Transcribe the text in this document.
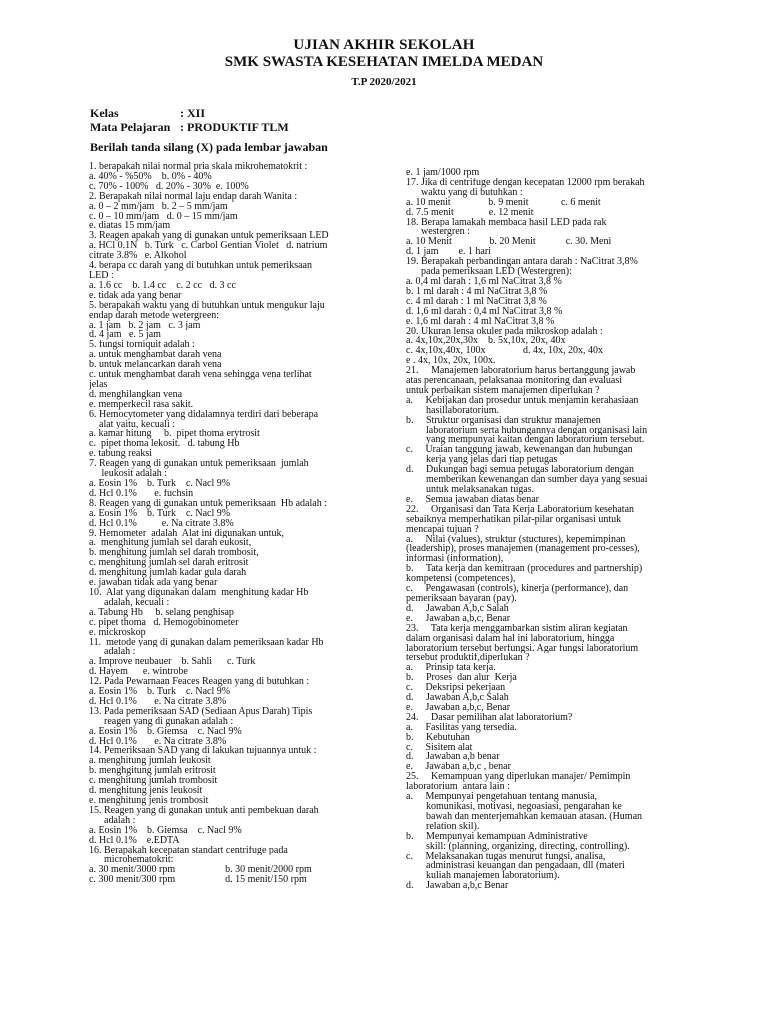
UJIAN AKHIR SEKOLAH
SMK SWASTA KESEHATAN IMELDA MEDAN
T.P 2020/2021
Kelas	: XII
Mata Pelajaran : PRODUKTIF TLM
Berilah tanda silang (X) pada lembar jawaban
1. berapakah nilai normal pria skala mikrohematokrit :
a. 40% - %50%    b. 0% - 40%
c. 70% - 100%   d. 20% - 30%  e. 100%
2. Berapakah nilai normal laju endap darah Wanita :
a. 0 – 2 mm/jam   b. 2 – 5 mm/jam
c. 0 – 10 mm/jam   d. 0 – 15 mm/jam
e. diatas 15 mm/jam
3. Reagen apakah yang di gunakan untuk pemeriksaan LED
a. HCl 0.1N   b. Turk   c. Carbol Gentian Violet   d. natrium
citrate 3.8%   e. Alkohol
4. berapa cc darah yang di butuhkan untuk pemeriksaan
LED :
a. 1.6 cc    b. 1.4 cc    c. 2 cc   d. 3 cc
e. tidak ada yang benar
5. berapakah waktu yang di butuhkan untuk mengukur laju
endap darah metode wetergreen:
a. 1 jam   b. 2 jam   c. 3 jam
d. 4 jam   e. 5 jam
5. fungsi torniquit adalah :
a. untuk menghambat darah vena
b. untuk melancarkan darah vena
c. untuk menghambat darah vena sehingga vena terlihat
jelas
d. menghilangkan vena
e. memperkecil rasa sakit.
6. Hemocytometer yang didalamnya terdiri dari beberapa
alat yaitu, kecuali :
a. kamar hitung     b.  pipet thoma erytrosit
c.  pipet thoma lekosit.   d. tabung Hb
e. tabung reaksi
7. Reagen yang di gunakan untuk pemeriksaan  jumlah
leukosit adalah :
a. Eosin 1%    b. Turk    c. Nacl 9%
d. Hcl 0.1%       e. fuchsin
8. Reagen yang di gunakan untuk pemeriksaan  Hb adalah :
a. Eosin 1%    b. Turk    c. Nacl 9%
d. Hcl 0.1%          e. Na citrate 3.8%
9. Hemometer  adalah  Alat ini digunakan untuk,
a.  menghitung jumlah sel darah eukosit,
b. menghitung jumlah sel darah trombosit,
c. menghitung jumlah sel darah eritrosit
d. menghitung jumlah kadar gula darah
e. jawaban tidak ada yang benar
10.  Alat yang digunakan dalam  menghitung kadar Hb
adalah, kecuali :
a. Tabung Hb     b. selang penghisap
c. pipet thoma   d. Hemogobinometer
e. mickroskop
11.  metode yang di gunakan dalam pemeriksaan kadar Hb
adalah :
a. Improve neubauer    b. Sahli      c. Turk
d. Hayem      e. wintrobe
12. Pada Pewarnaan Feaces Reagen yang di butuhkan :
a. Eosin 1%    b. Turk    c. Nacl 9%
d. Hcl 0.1%       e. Na citrate 3.8%
13. Pada pemeriksaan SAD (Sediaan Apus Darah) Tipis
reagen yang di gunakan adalah :
a. Eosin 1%    b. Giemsa    c. Nacl 9%
d. Hcl 0.1%       e. Na citrate 3.8%
14. Pemeriksaan SAD yang di lakukan tujuannya untuk :
a. menghitung jumlah leukosit
b. menghgitung jumlah eritrosit
c. menghitung jumlah trombosit
d. menghitung jenis leukosit
e. menghitung jenis trombosit
15. Reagen yang di gunakan untuk anti pembekuan darah
adalah :
a. Eosin 1%    b. Giemsa    c. Nacl 9%
d. Hcl 0.1%    e.EDTA
16. Berapakah kecepatan standart centrifuge pada
microhematokrit:
a. 30 menit/3000 rpm                    b. 30 menit/2000 rpm
c. 300 menit/300 rpm                    d. 15 menit/150 rpm
e. 1 jam/1000 rpm
17. Jika di centrifuge dengan kecepatan 12000 rpm berakah
waktu yang di butuhkan :
a. 10 menit               b. 9 menit             c. 6 menit
d. 7.5 menit              e. 12 menit
18. Berapa lamakah membaca hasil LED pada rak
westergren :
a. 10 Menit               b. 20 Menit            c. 30. Meni
d. 1 jam        e. 1 hari
19. Berapakah perbandingan antara darah : NaCitrat 3,8%
pada pemeriksaan LED (Westergren):
a. 0,4 ml darah : 1,6 ml NaCitrat 3,8 %
b. 1 ml darah : 4 ml NaCitrat 3,8 %
c. 4 ml darah : 1 ml NaCitrat 3,8 %
d. 1,6 ml darah : 0,4 ml NaCitrat 3,8 %
e. 1,6 ml darah : 4 ml NaCitrat 3,8 %
20. Ukuran lensa okuler pada mikroskop adalah :
a. 4x,10x,20x,30x    b. 5x,10x, 20x, 40x
c. 4x,10x,40x, 100x               d. 4x, 10x, 20x, 40x
e . 4x, 10x, 20x, 100x.
21.     Manajemen laboratorium harus bertanggung jawab
atas perencanaan, pelaksanaa monitoring dan evaluasi
untuk perbaikan sistem manajemen diperlukan ?
a.     Kebijakan dan prosedur untuk menjamin kerahasiaan
hasillaboratorium.
b.     Struktur organisasi dan struktur manajemen
laboratorium serta hubungannya dengan organisasi lain
yang mempunyai kaitan dengan laboratorium tersebut.
c.     Uraian tanggung jawab, kewenangan dan hubungan
kerja yang jelas dari tiap petugas
d.     Dukungan bagi semua petugas laboratorium dengan
memberikan kewenangan dan sumber daya yang sesuai
untuk melaksanakan tugas.
e.     Semua jawaban diatas benar
22.     Organisasi dan Tata Kerja Laboratorium kesehatan
sebaiknya memperhatikan pilar-pilar organisasi untuk
mencapai tujuan ?
a.     Nilai (values), struktur (stuctures), kepemimpinan
(leadership), proses manajemen (management pro-cesses),
informasi (information),
b.     Tata kerja dan kemitraan (procedures and partnership)
kompetensi (competences),
c.     Pengawasan (controls), kinerja (performance), dan
pemeriksaan bayaran (pay).
d.     Jawaban A,b,c Salah
e.     Jawaban a,b,c, Benar
23.     Tata kerja menggambarkan sistim aliran kegiatan
dalam organisasi dalam hal ini laboratorium, hingga
laboratorium tersebut berfungsi. Agar fungsi laboratorium
tersebut produktif,diperlukan ?
a.     Prinsip tata kerja.
b.     Proses  dan alur  Kerja
c.     Deksripsi pekerjaan
d.     Jawaban A,b,c Salah
e.     Jawaban a,b,c, Benar
24.     Dasar pemilihan alat laboratorium?
a.     Fasilitas yang tersedia.
b.     Kebutuhan
c.     Sisitem alat
d.     Jawaban a,b benar
e.     Jawaban a,b,c , benar
25.     Kemampuan yang diperlukan manajer/ Pemimpin
laboratorium  antara lain :
a.     Mempunyai pengetahuan tentang manusia,
komunikasi, motivasi, negoasiasi, pengarahan ke
bawah dan menterjemahkan kemauan atasan. (Human
relation skil).
b.     Mempunyai kemampuan Administrative
skill: (planning, organizing, directing, controlling).
c.     Melaksanakan tugas menurut fungsi, analisa,
administrasi keuangan dan pengadaan, dll (materi
kuliah manajemen laboratorium).
d.     Jawaban a,b,c Benar
